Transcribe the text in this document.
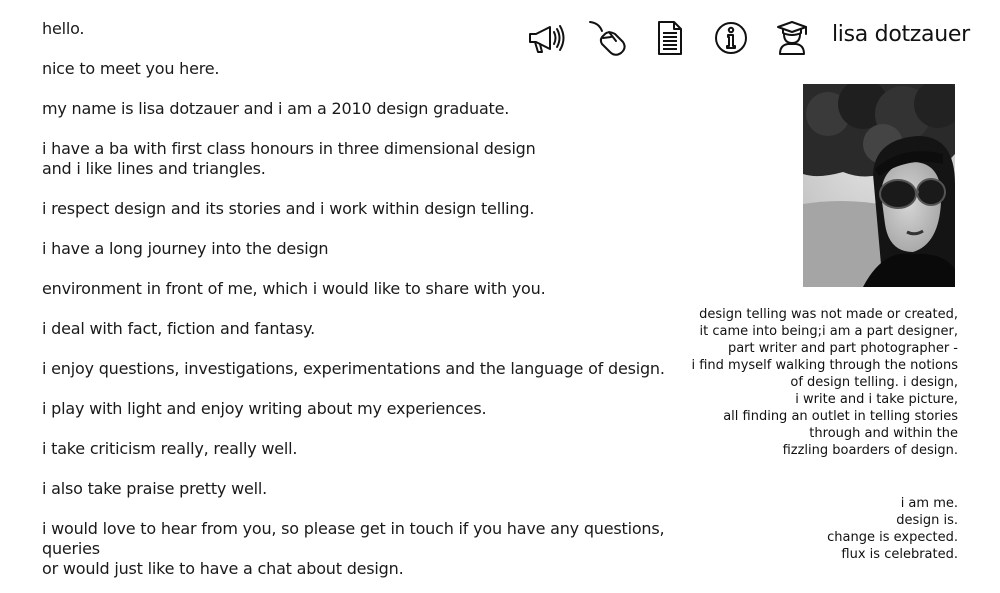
hello.

nice to meet you here.

my name is lisa dotzauer and i am a 2010 design graduate.

i have a ba with first class honours in three dimensional design
and i like lines and triangles.

i respect design and its stories and i work within design telling.

i have a long journey into the design

environment in front of me, which i would like to share with you.

i deal with fact, fiction and fantasy.

i enjoy questions, investigations, experimentations and the language of design.

i play with light and enjoy writing about my experiences.

i take criticism really, really well.

i also take praise pretty well.

i would love to hear from you, so please get in touch if you have any questions, queries
or would just like to have a chat about design.

lisa dotzauer
design telling was not made or created,
it came into being;i am a part designer,
part writer and part photographer -
i find myself walking through the notions
of design telling. i design,
i write and i take picture,
all finding an outlet in telling stories
through and within the
fizzling boarders of design.
i am me.
design is.
change is expected.
flux is celebrated.
